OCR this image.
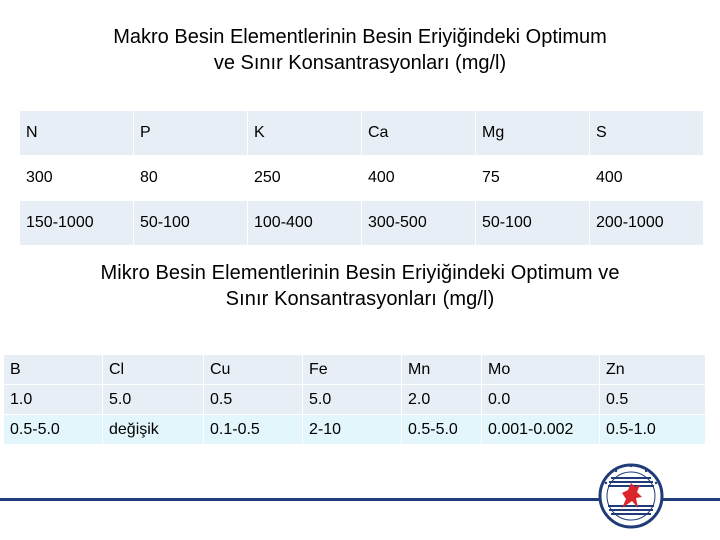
Makro Besin Elementlerinin Besin Eriyiğindeki Optimum
ve Sınır Konsantrasyonları (mg/l)
N	P	K	Ca	Mg	S
300	80	250	400	75	400
150-1000	50-100	100-400	300-500	50-100	200-1000
Mikro Besin Elementlerinin Besin Eriyiğindeki Optimum ve
Sınır Konsantrasyonları (mg/l)
B	Cl	Cu	Fe	Mn	Mo	Zn
1.0	5.0	0.5	5.0	2.0	0.0	0.5
0.5-5.0	değişik	0.1-0.5	2-10	0.5-5.0	0.001-0.002	0.5-1.0
